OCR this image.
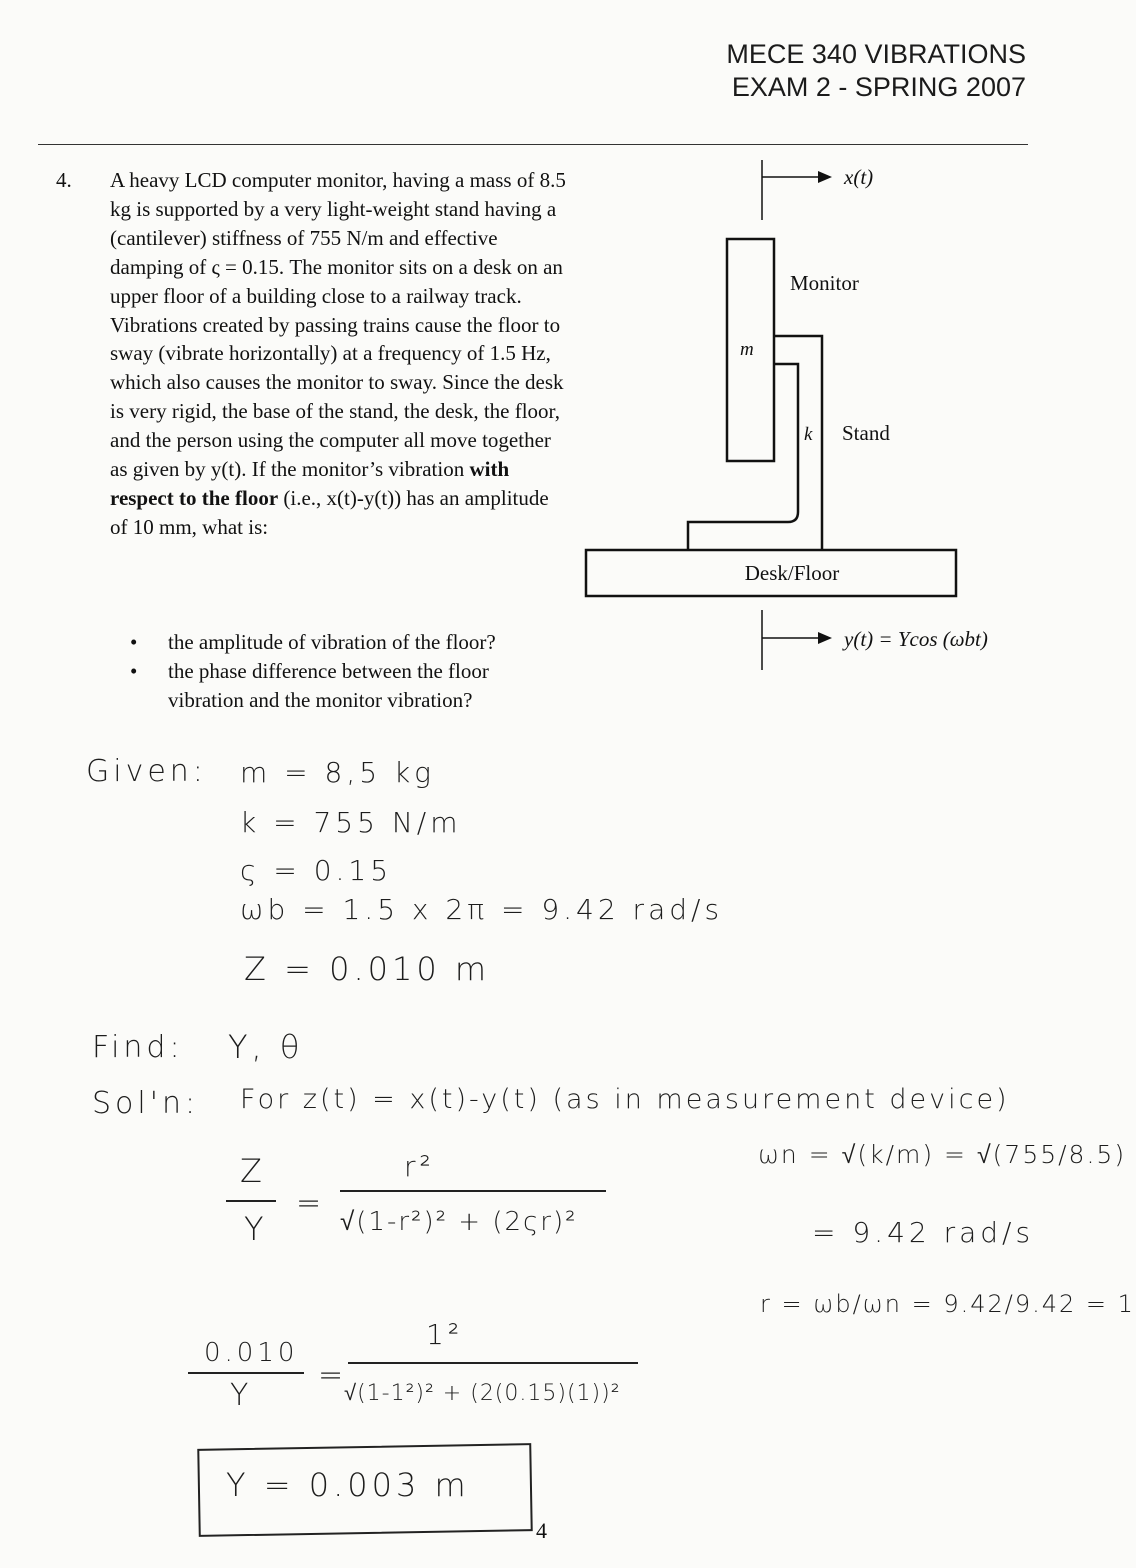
MECE 340 VIBRATIONS
EXAM 2 - SPRING 2007
4. A heavy LCD computer monitor, having a mass of 8.5 kg is supported by a very light-weight stand having a (cantilever) stiffness of 755 N/m and effective damping of ς = 0.15. The monitor sits on a desk on an upper floor of a building close to a railway track. Vibrations created by passing trains cause the floor to sway (vibrate horizontally) at a frequency of 1.5 Hz, which also causes the monitor to sway. Since the desk is very rigid, the base of the stand, the desk, the floor, and the person using the computer all move together as given by y(t). If the monitor’s vibration with respect to the floor (i.e., x(t)-y(t)) has an amplitude of 10 mm, what is:
•	the amplitude of vibration of the floor?
•	the phase difference between the floor vibration and the monitor vibration?
x(t)
Monitor
m
k Stand
Desk/Floor
y(t) = Ycos (ωbt)
Given: m = 8,5 kg
k = 755 N/m
ς = 0.15
ωb = 1.5 x 2π = 9.42 rad/s
Z = 0.010 m
Find: Y, θ
Sol'n: For z(t) = x(t)-y(t) (as in measurement device)
Z
Y
=
r²
√(1-r²)² + (2ςr)²
ωn = √(k/m) = √(755/8.5)
= 9.42 rad/s
r = ωb/ωn = 9.42/9.42 = 1
0.010
Y
=
1²
√(1-1²)² + (2(0.15)(1))²
Y = 0.003 m
4
